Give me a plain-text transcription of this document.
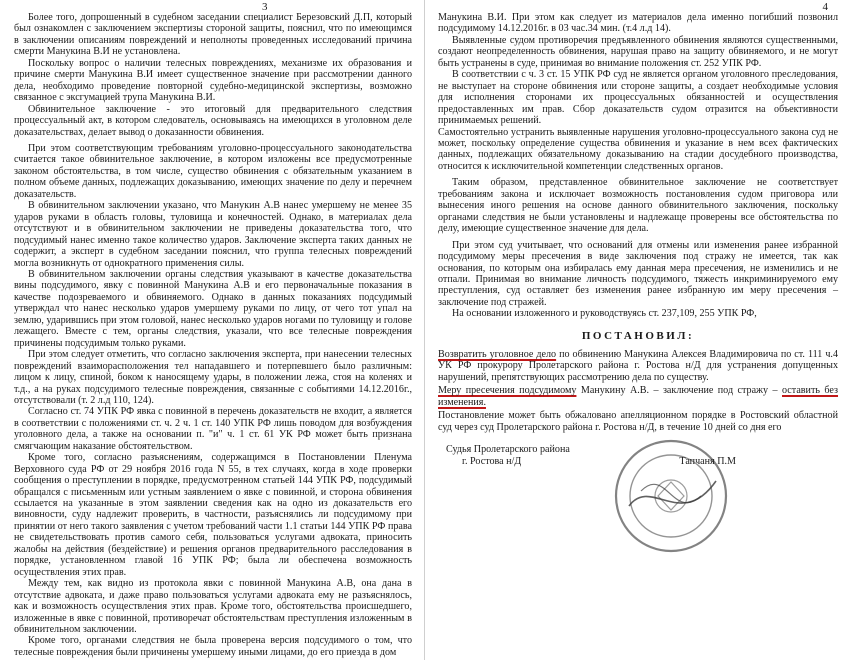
3

Более того, допрошенный в судебном заседании специалист Березовский Д.П, который был ознакомлен с заключением экспертизы стороной защиты, пояснил, что по имеющимся в заключении описаниям повреждений и неполноты проведенных исследований причина смерти Манукина В.И не установлена.

Поскольку вопрос о наличии телесных повреждениях, механизме их образования и причине смерти Манукина В.И имеет существенное значение при рассмотрении данного дела, необходимо проведение повторной судебно-медицинской экспертизы, возможно связанное с эксгумацией трупа Манукина В.И.

Обвинительное заключение - это итоговый для предварительного следствия процессуальный акт, в котором следователь, основываясь на имеющихся в уголовном деле доказательствах, делает вывод о доказанности обвинения.

При этом соответствующим требованиям уголовно-процессуального законодательства считается такое обвинительное заключение, в котором изложены все предусмотренные законом обстоятельства, в том числе, существо обвинения с обязательным указанием в полном объеме данных, подлежащих доказыванию, имеющих значение по делу и перечнем доказательств.

В обвинительном заключении указано, что Манукин А.В нанес умершему не менее 35 ударов руками в область головы, туловища и конечностей. Однако, в материалах дела отсутствуют и в обвинительном заключении не приведены доказательства того, что подсудимый нанес именно такое количество ударов. Заключение эксперта таких данных не содержит, а эксперт в судебном заседании пояснил, что группа телесных повреждений могла возникнуть от однократного применения силы.

В обвинительном заключении органы следствия указывают в качестве доказательства вины подсудимого, явку с повинной Манукина А.В и его первоначальные показания в качестве подозреваемого и обвиняемого. Однако в данных показаниях подсудимый утверждал что нанес несколько ударов умершему руками по лицу, от чего тот упал на землю, ударившись при этом головой, нанес несколько ударов ногами по туловищу и голове лежащего. Вместе с тем, органы следствия, указали, что все телесные повреждения причинены подсудимым только руками.

При этом следует отметить, что согласно заключения эксперта, при нанесении телесных повреждений взаиморасположения тел нападавшего и потерпевшего было различным: лицом к лицу, спиной, боком к наносящему удары, в положении лежа, стоя на коленях и т.д., а на руках подсудимого телесные повреждения, связанные с событиями 14.12.2016г., отсутствовали (т. 2 л.д 110, 124).

Согласно ст. 74 УПК РФ явка с повинной в перечень доказательств не входит, а является в соответствии с положениями ст. ч. 2 ч. 1 ст. 140 УПК РФ лишь поводом для возбуждения уголовного дела, а также на основании п. "и" ч. 1 ст. 61 УК РФ может быть признана смягчающим наказание обстоятельством.

Кроме того, согласно разъяснениям, содержащимся в Постановлении Пленума Верховного суда РФ от 29 ноября 2016 года N 55, в тех случаях, когда в ходе проверки сообщения о преступлении в порядке, предусмотренном статьей 144 УПК РФ, подсудимый обращался с письменным или устным заявлением о явке с повинной, и сторона обвинения ссылается на указанные в этом заявлении сведения как на одно из доказательств его виновности, суду надлежит проверить, в частности, разъяснялись ли подсудимому при принятии от него такого заявления с учетом требований части 1.1 статьи 144 УПК РФ права не свидетельствовать против самого себя, пользоваться услугами адвоката, приносить жалобы на действия (бездействие) и решения органов предварительного расследования в порядке, установленном главой 16 УПК РФ; была ли обеспечена возможность осуществления этих прав.

Между тем, как видно из протокола явки с повинной Манукина А.В, она дана в отсутствие адвоката, и даже право пользоваться услугами адвоката ему не разъяснялось, как и возможность осуществления этих прав. Кроме того, обстоятельства происшедшего, изложенные в явке с повинной, противоречат обстоятельствам преступления изложенным в обвинительном заключении.

Кроме того, органами следствия не была проверена версия подсудимого о том, что телесные повреждения были причинены умершему иными лицами, до его приезда в дом

4

Манукина В.И. При этом как следует из материалов дела именно погибший позвонил подсудимому 14.12.2016г. в 03 час.34 мин. (т.4 л.д 14).

Выявленные судом противоречия предъявленного обвинения являются существенными, создают неопределенность обвинения, нарушая право на защиту обвиняемого, и не могут быть устранены в суде, принимая во внимание положения ст. 252 УПК РФ.

В соответствии с ч. 3 ст. 15 УПК РФ суд не является органом уголовного преследования, не выступает на стороне обвинения или стороне защиты, а создает необходимые условия для исполнения сторонами их процессуальных обязанностей и осуществления предоставленных им прав. Сбор доказательств судом отразится на объективности принимаемых решений.

Самостоятельно устранить выявленные нарушения уголовно-процессуального закона суд не может, поскольку определение существа обвинения и указание в нем всех фактических данных, подлежащих обязательному доказыванию на стадии досудебного производства, относится к исключительной компетенции следственных органов.

Таким образом, представленное обвинительное заключение не соответствует требованиям закона и исключает возможность постановления судом приговора или вынесения иного решения на основе данного обвинительного заключения, поскольку органами следствия не были установлены и надлежаще проверены все обстоятельства по делу, имеющие существенное значение для дела.

При этом суд учитывает, что оснований для отмены или изменения ранее избранной подсудимому меры пресечения в виде заключения под стражу не имеется, так как основания, по которым она избиралась ему данная мера пресечения, не изменились и не отпали. Принимая во внимание личность подсудимого, тяжесть инкриминируемого ему преступления, суд оставляет без изменения ранее избранную им меру пресечения – заключение под стражей.

На основании изложенного и руководствуясь ст. 237,109, 255 УПК РФ,

ПОСТАНОВИЛ:

Возвратить уголовное дело по обвинению Манукина Алексея Владимировича по ст. 111 ч.4 УК РФ прокурору Пролетарского района г. Ростова н/Д для устранения допущенных нарушений, препятствующих рассмотрению дела по существу.

Меру пресечения подсудимому Манукину А.В. – заключение под стражу – оставить без изменения.

Постановление может быть обжаловано апелляционном порядке в Ростовский областной суд через суд Пролетарского района г. Ростова н/Д, в течение 10 дней со дня его

Судья Пролетарского района
г. Ростова н/Д	Тапчаня П.М
